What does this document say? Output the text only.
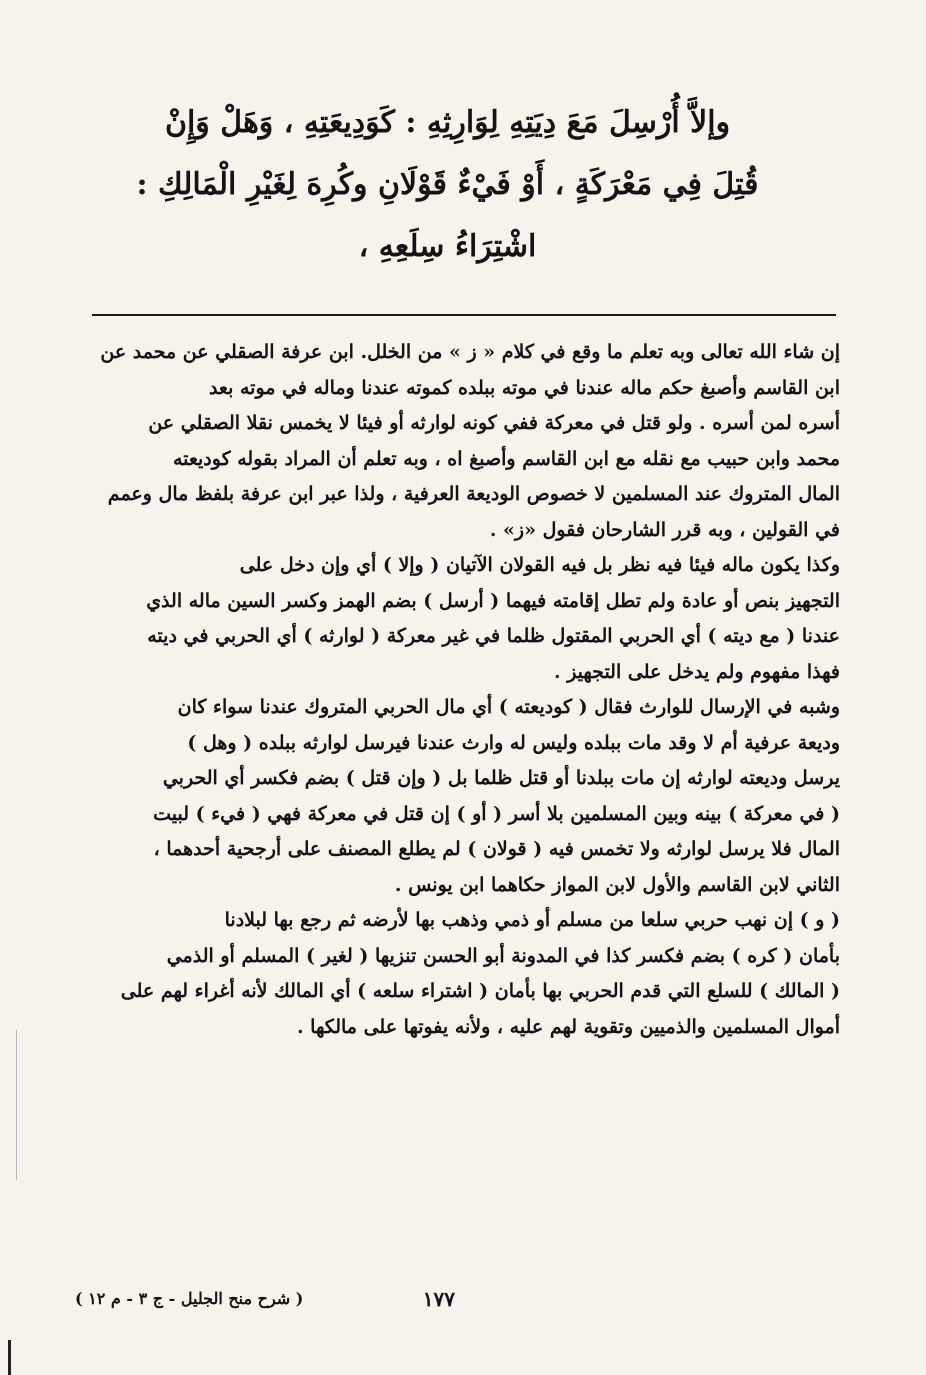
وإلاَّ أُرْسِلَ مَعَ دِيَتِهِ لِوَارِثِهِ : كَوَدِيعَتِهِ ، وَهَلْ وَإِنْ
قُتِلَ فِي مَعْرَكَةٍ ، أَوْ فَيْءٌ قَوْلَانِ وكُرِهَ لِغَيْرِ الْمَالِكِ :
اشْتِرَاءُ سِلَعِهِ ،

إن شاء الله تعالى وبه تعلم ما وقع في كلام « ز » من الخلل. ابن عرفة الصقلي عن محمد عن
ابن القاسم وأصبغ حكم ماله عندنا في موته ببلده كموته عندنا وماله في موته بعد
أسره لمن أسره . ولو قتل في معركة ففي كونه لوارثه أو فيئا لا يخمس نقلا الصقلي عن
محمد وابن حبيب مع نقله مع ابن القاسم وأصبغ اه ، وبه تعلم أن المراد بقوله كوديعته
المال المتروك عند المسلمين لا خصوص الوديعة العرفية ، ولذا عبر ابن عرفة بلفظ مال وعمم
في القولين ، وبه قرر الشارحان فقول «ز» .

وكذا يكون ماله فيئا فيه نظر بل فيه القولان الآتيان ( وإلا ) أي وإن دخل على
التجهيز بنص أو عادة ولم تطل إقامته فيهما ( أرسل ) بضم الهمز وكسر السين ماله الذي
عندنا ( مع ديته ) أي الحربي المقتول ظلما في غير معركة ( لوارثه ) أي الحربي في ديته
فهذا مفهوم ولم يدخل على التجهيز .

وشبه في الإرسال للوارث فقال ( كوديعته ) أي مال الحربي المتروك عندنا سواء كان
وديعة عرفية أم لا وقد مات ببلده وليس له وارث عندنا فيرسل لوارثه ببلده ( وهل )
يرسل وديعته لوارثه إن مات ببلدنا أو قتل ظلما بل ( وإن قتل ) بضم فكسر أي الحربي
( في معركة ) بينه وبين المسلمين بلا أسر ( أو ) إن قتل في معركة فهي ( فيء ) لبيت
المال فلا يرسل لوارثه ولا تخمس فيه ( قولان ) لم يطلع المصنف على أرجحية أحدهما ،
الثاني لابن القاسم والأول لابن المواز حكاهما ابن يونس .

( و ) إن نهب حربي سلعا من مسلم أو ذمي وذهب بها لأرضه ثم رجع بها لبلادنا
بأمان ( كره ) بضم فكسر كذا في المدونة أبو الحسن تنزيها ( لغير ) المسلم أو الذمي
( المالك ) للسلع التي قدم الحربي بها بأمان ( اشتراء سلعه ) أي المالك لأنه أغراء لهم على
أموال المسلمين والذميين وتقوية لهم عليه ، ولأنه يفوتها على مالكها .

١٧٧
( شرح منح الجليل - ج ٣ - م ١٢ )
